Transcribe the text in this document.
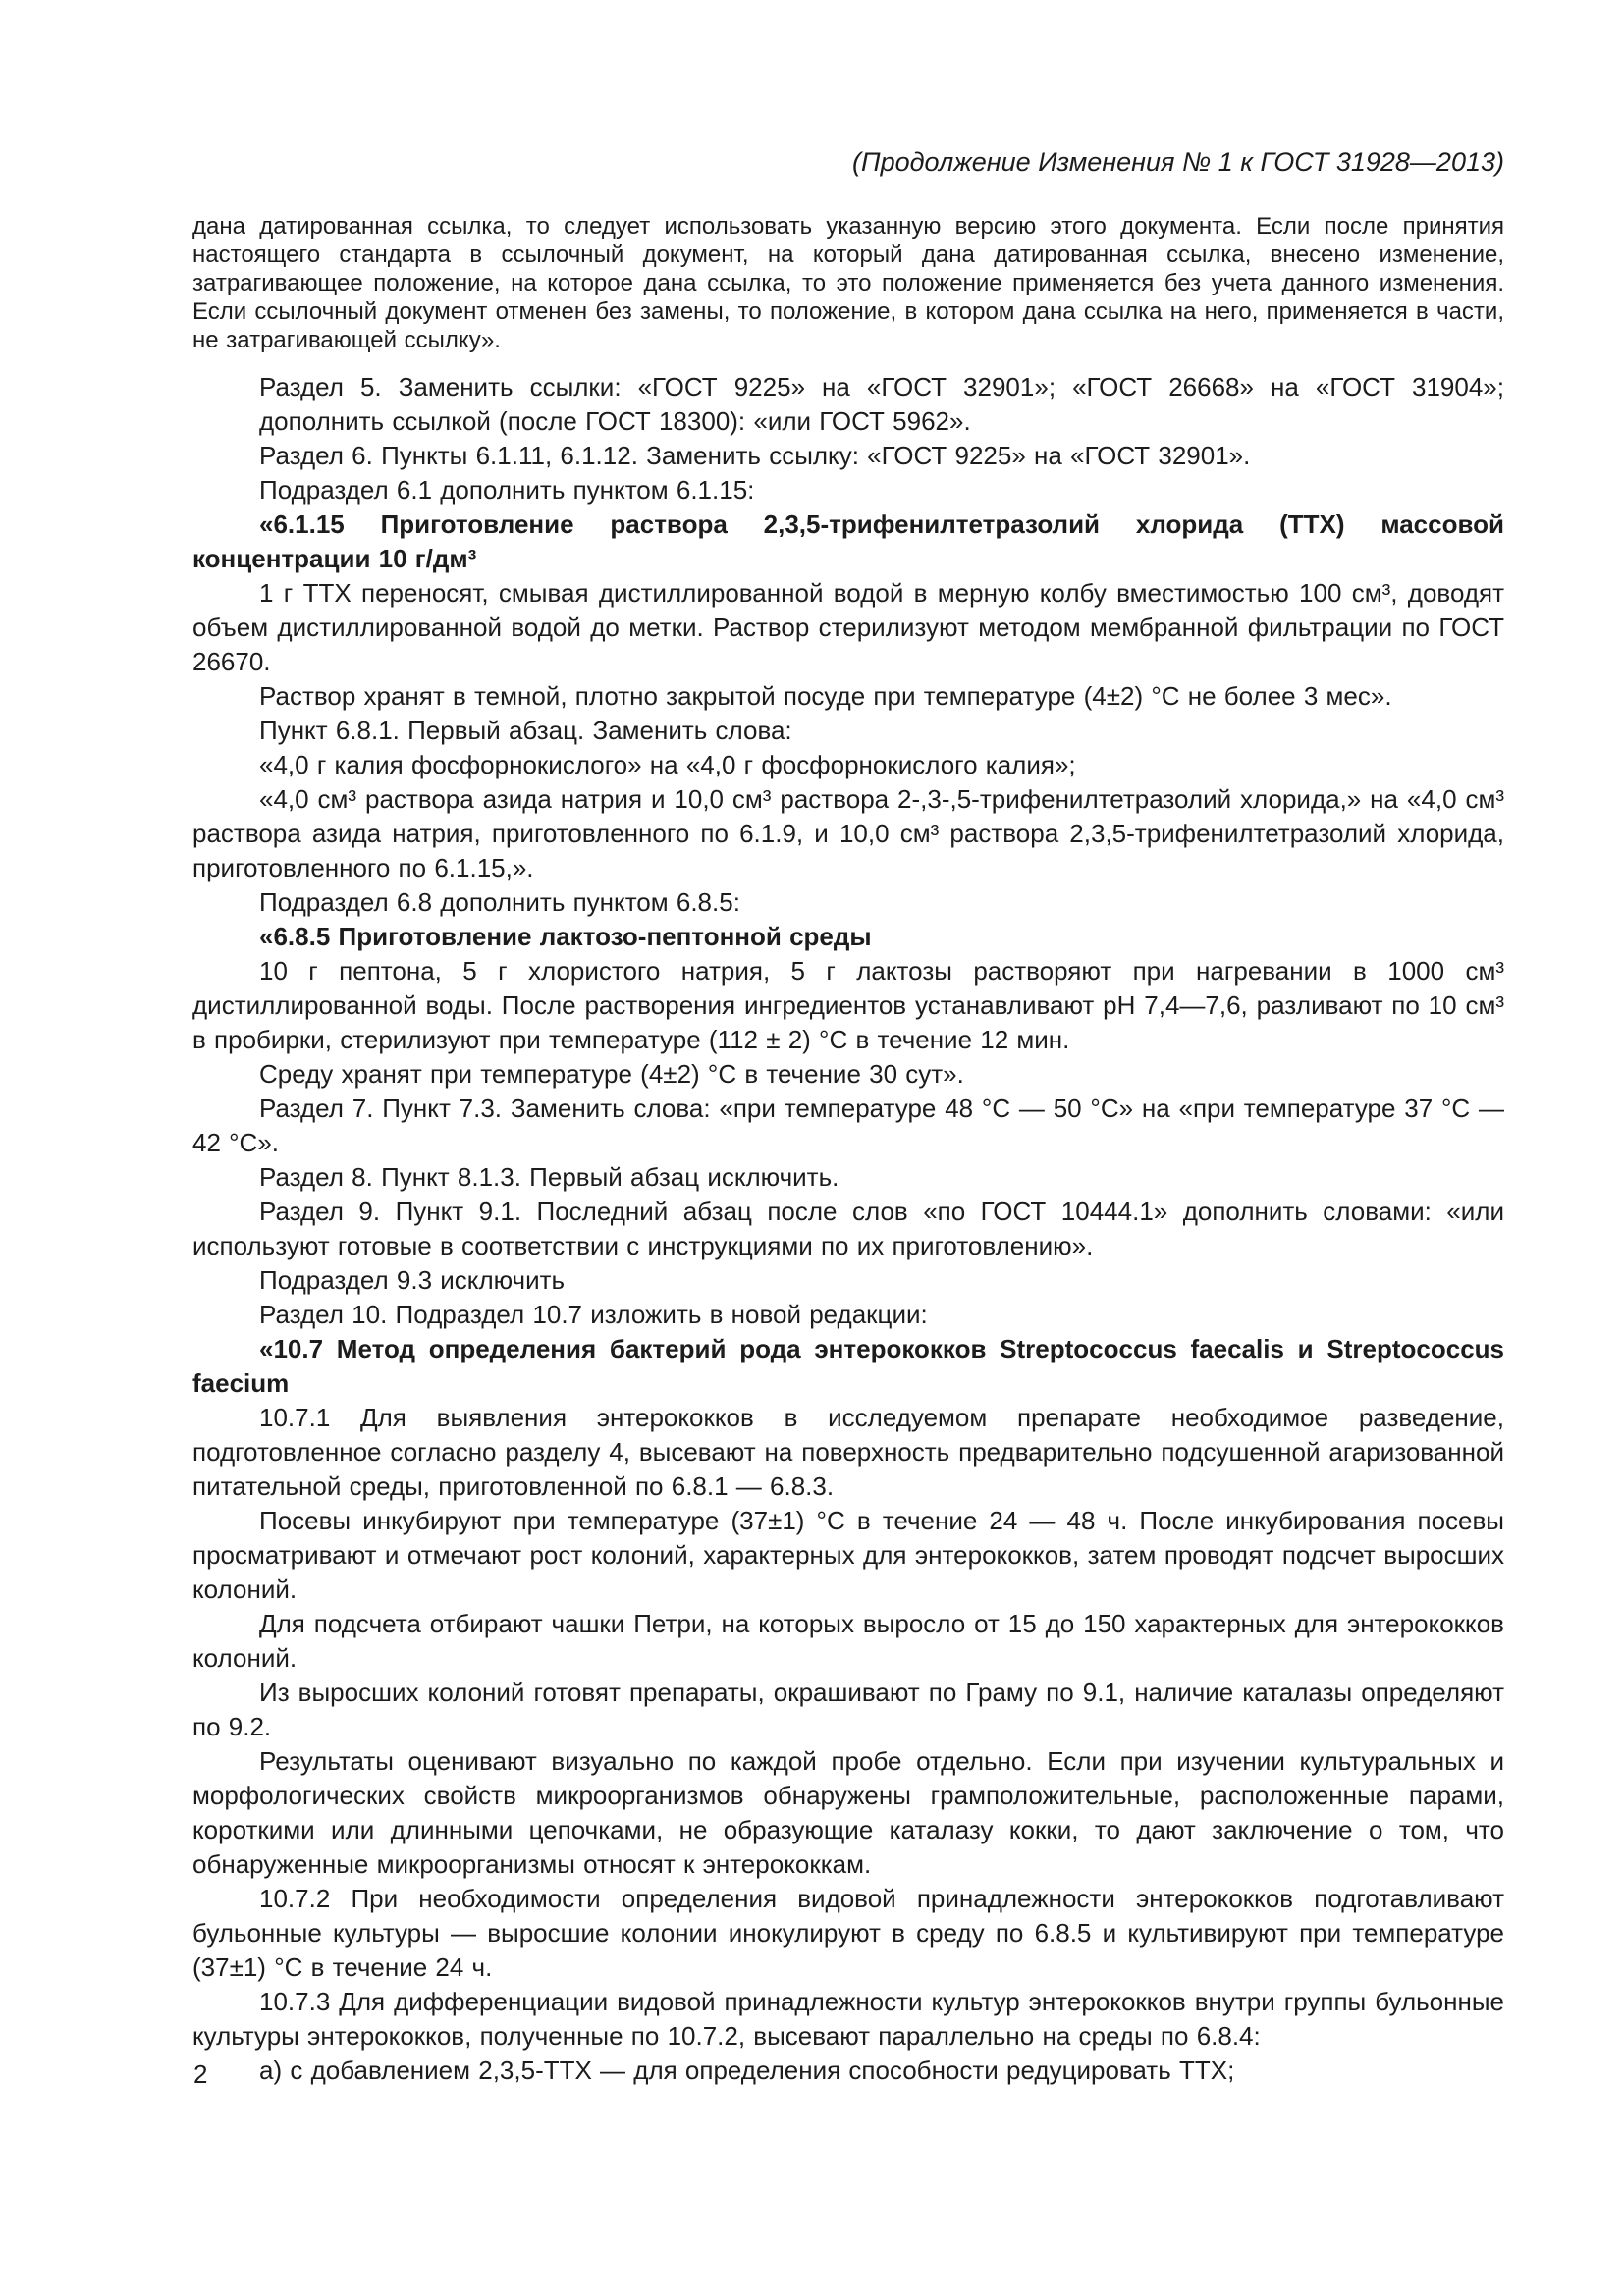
(Продолжение Изменения № 1 к ГОСТ 31928—2013)

дана датированная ссылка, то следует использовать указанную версию этого документа. Если после принятия настоящего стандарта в ссылочный документ, на который дана датированная ссылка, внесено изменение, затрагивающее положение, на которое дана ссылка, то это положение применяется без учета данного изменения. Если ссылочный документ отменен без замены, то положение, в котором дана ссылка на него, применяется в части, не затрагивающей ссылку».

Раздел 5. Заменить ссылки: «ГОСТ 9225» на «ГОСТ 32901»; «ГОСТ 26668» на «ГОСТ 31904»; дополнить ссылкой (после ГОСТ 18300): «или ГОСТ 5962».

Раздел 6. Пункты 6.1.11, 6.1.12. Заменить ссылку: «ГОСТ 9225» на «ГОСТ 32901».

Подраздел 6.1 дополнить пунктом 6.1.15:

«6.1.15 Приготовление раствора 2,3,5-трифенилтетразолий хлорида (ТТХ) массовой концентрации 10 г/дм³

1 г ТТХ переносят, смывая дистиллированной водой в мерную колбу вместимостью 100 см³, доводят объем дистиллированной водой до метки. Раствор стерилизуют методом мембранной фильтрации по ГОСТ 26670.

Раствор хранят в темной, плотно закрытой посуде при температуре (4±2) °С не более 3 мес».

Пункт 6.8.1. Первый абзац. Заменить слова:

«4,0 г калия фосфорнокислого» на «4,0 г фосфорнокислого калия»;

«4,0 см³ раствора азида натрия и 10,0 см³ раствора 2-,3-,5-трифенилтетразолий хлорида,» на «4,0 см³ раствора азида натрия, приготовленного по 6.1.9, и 10,0 см³ раствора 2,3,5-трифенилтетразолий хлорида, приготовленного по 6.1.15,».

Подраздел 6.8 дополнить пунктом 6.8.5:

«6.8.5 Приготовление лактозо-пептонной среды

10 г пептона, 5 г хлористого натрия, 5 г лактозы растворяют при нагревании в 1000 см³ дистиллированной воды. После растворения ингредиентов устанавливают рН 7,4—7,6, разливают по 10 см³ в пробирки, стерилизуют при температуре (112 ± 2) °С в течение 12 мин.

Среду хранят при температуре (4±2) °С в течение 30 сут».

Раздел 7. Пункт 7.3. Заменить слова: «при температуре 48 °С — 50 °С» на «при температуре 37 °С — 42 °С».

Раздел 8. Пункт 8.1.3. Первый абзац исключить.

Раздел 9. Пункт 9.1. Последний абзац после слов «по ГОСТ 10444.1» дополнить словами: «или используют готовые в соответствии с инструкциями по их приготовлению».

Подраздел 9.3 исключить

Раздел 10. Подраздел 10.7 изложить в новой редакции:

«10.7 Метод определения бактерий рода энтерококков Streptococcus faecalis и Streptococcus faecium

10.7.1 Для выявления энтерококков в исследуемом препарате необходимое разведение, подготовленное согласно разделу 4, высевают на поверхность предварительно подсушенной агаризованной питательной среды, приготовленной по 6.8.1 — 6.8.3.

Посевы инкубируют при температуре (37±1) °С в течение 24 — 48 ч. После инкубирования посевы просматривают и отмечают рост колоний, характерных для энтерококков, затем проводят подсчет выросших колоний.

Для подсчета отбирают чашки Петри, на которых выросло от 15 до 150 характерных для энтерококков колоний.

Из выросших колоний готовят препараты, окрашивают по Граму по 9.1, наличие каталазы определяют по 9.2.

Результаты оценивают визуально по каждой пробе отдельно. Если при изучении культуральных и морфологических свойств микроорганизмов обнаружены грамположительные, расположенные парами, короткими или длинными цепочками, не образующие каталазу кокки, то дают заключение о том, что обнаруженные микроорганизмы относят к энтерококкам.

10.7.2 При необходимости определения видовой принадлежности энтерококков подготавливают бульонные культуры — выросшие колонии инокулируют в среду по 6.8.5 и культивируют при температуре (37±1) °С в течение 24 ч.

10.7.3 Для дифференциации видовой принадлежности культур энтерококков внутри группы бульонные культуры энтерококков, полученные по 10.7.2, высевают параллельно на среды по 6.8.4:

а) с добавлением 2,3,5-ТТХ — для определения способности редуцировать ТТХ;

2
